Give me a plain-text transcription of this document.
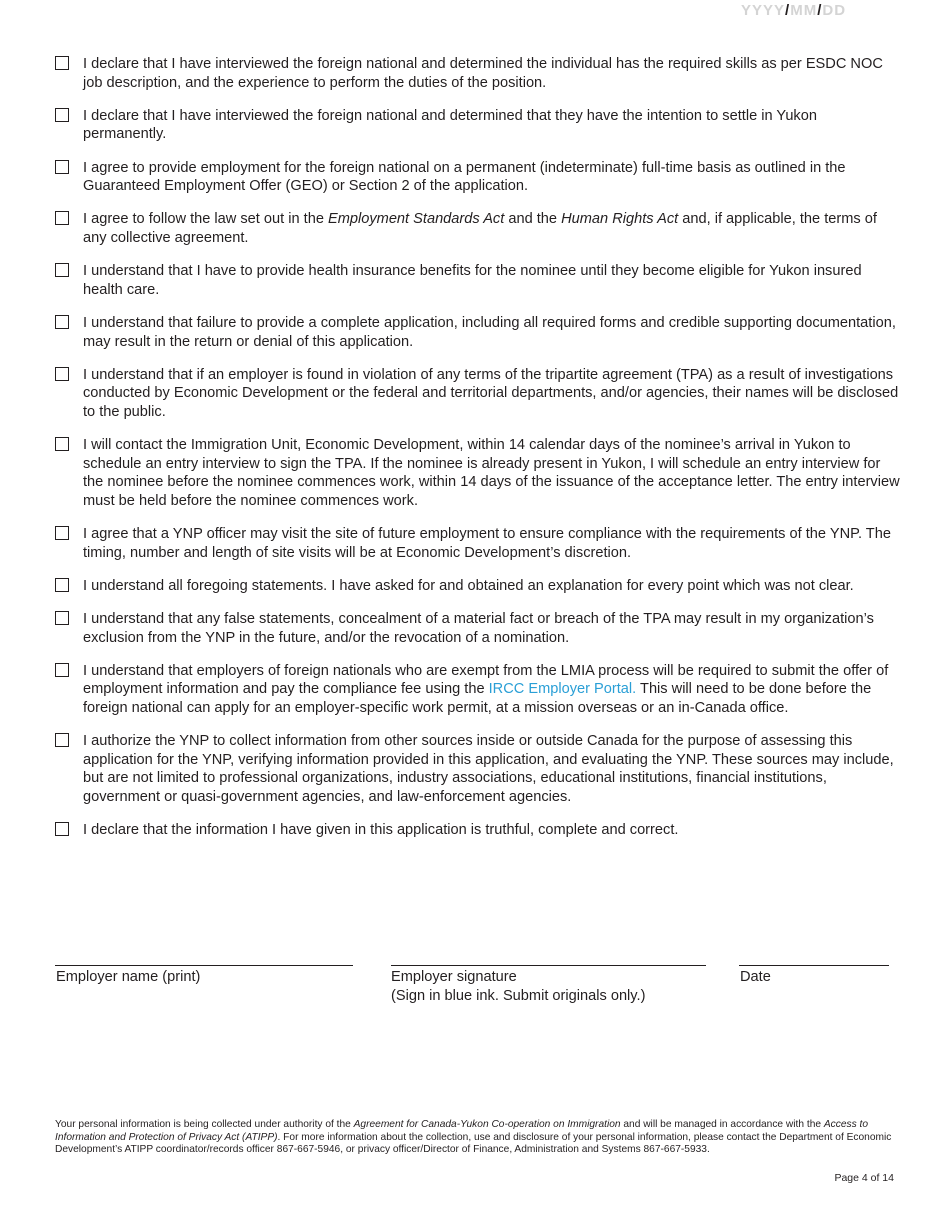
I declare that I have interviewed the foreign national and determined the individual has the required skills as per ESDC NOC job description, and the experience to perform the duties of the position.

I declare that I have interviewed the foreign national and determined that they have the intention to settle in Yukon permanently.

I agree to provide employment for the foreign national on a permanent (indeterminate) full-time basis as outlined in the Guaranteed Employment Offer (GEO) or Section 2 of the application.

I agree to follow the law set out in the Employment Standards Act and the Human Rights Act and, if applicable, the terms of any collective agreement.

I understand that I have to provide health insurance benefits for the nominee until they become eligible for Yukon insured health care.

I understand that failure to provide a complete application, including all required forms and credible supporting documentation, may result in the return or denial of this application.

I understand that if an employer is found in violation of any terms of the tripartite agreement (TPA) as a result of investigations conducted by Economic Development or the federal and territorial departments, and/or agencies, their names will be disclosed to the public.

I will contact the Immigration Unit, Economic Development, within 14 calendar days of the nominee’s arrival in Yukon to schedule an entry interview to sign the TPA. If the nominee is already present in Yukon, I will schedule an entry interview for the nominee before the nominee commences work, within 14 days of the issuance of the acceptance letter. The entry interview must be held before the nominee commences work.

I agree that a YNP officer may visit the site of future employment to ensure compliance with the requirements of the YNP. The timing, number and length of site visits will be at Economic Development’s discretion.

I understand all foregoing statements. I have asked for and obtained an explanation for every point which was not clear.

I understand that any false statements, concealment of a material fact or breach of the TPA may result in my organization’s exclusion from the YNP in the future, and/or the revocation of a nomination.

I understand that employers of foreign nationals who are exempt from the LMIA process will be required to submit the offer of employment information and pay the compliance fee using the IRCC Employer Portal. This will need to be done before the foreign national can apply for an employer-specific work permit, at a mission overseas or an in-Canada office.

I authorize the YNP to collect information from other sources inside or outside Canada for the purpose of assessing this application for the YNP, verifying information provided in this application, and evaluating the YNP. These sources may include, but are not limited to professional organizations, industry associations, educational institutions, financial institutions, government or quasi-government agencies, and law-enforcement agencies.

I declare that the information I have given in this application is truthful, complete and correct.

Employer name (print)	Employer signature
(Sign in blue ink. Submit originals only.)
Date
YYYY/MM/DD
Your personal information is being collected under authority of the Agreement for Canada-Yukon Co-operation on Immigration and will be managed in accordance with the Access to Information and Protection of Privacy Act (ATIPP). For more information about the collection, use and disclosure of your personal information, please contact the Department of Economic Development’s ATIPP coordinator/records officer 867-667-5946, or privacy officer/Director of Finance, Administration and Systems 867-667-5933.
Page 4 of 14
